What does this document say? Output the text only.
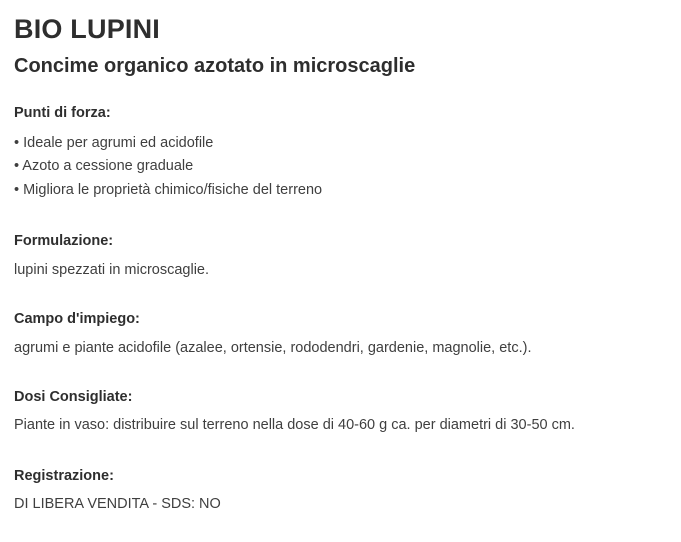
BIO LUPINI
Concime organico azotato in microscaglie
Punti di forza:
• Ideale per agrumi ed acidofile
• Azoto a cessione graduale
• Migliora le proprietà chimico/fisiche del terreno
Formulazione:

lupini spezzati in microscaglie.

Campo d'impiego:

agrumi e piante acidofile (azalee, ortensie, rododendri, gardenie, magnolie, etc.).

Dosi Consigliate:

Piante in vaso: distribuire sul terreno nella dose di 40-60 g ca. per diametri di 30-50 cm.

Registrazione:

DI LIBERA VENDITA - SDS: NO
